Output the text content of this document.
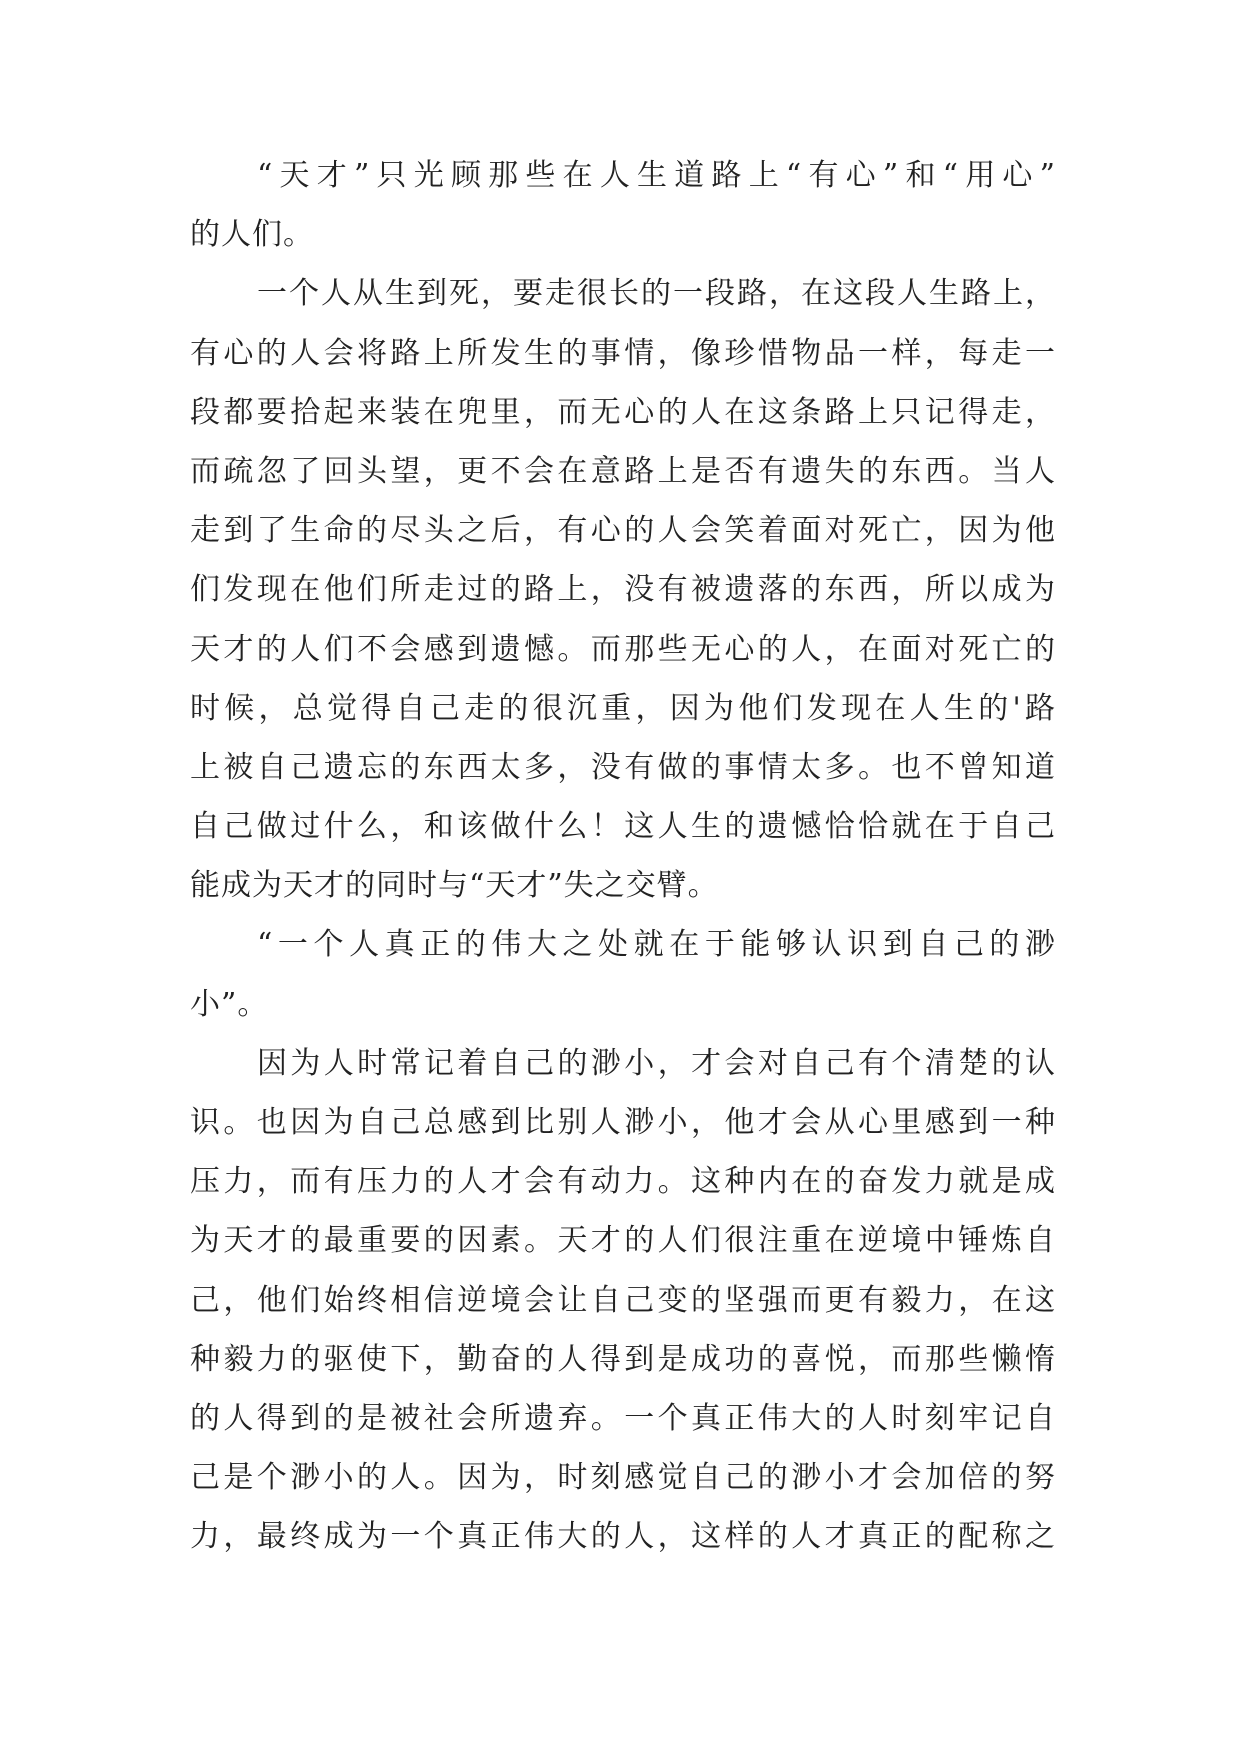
“天才”只光顾那些在人生道路上“有心”和“用心”
的人们。
一个人从生到死，要走很长的一段路，在这段人生路上，
有心的人会将路上所发生的事情，像珍惜物品一样，每走一
段都要拾起来装在兜里，而无心的人在这条路上只记得走，
而疏忽了回头望，更不会在意路上是否有遗失的东西。当人
走到了生命的尽头之后，有心的人会笑着面对死亡，因为他
们发现在他们所走过的路上，没有被遗落的东西，所以成为
天才的人们不会感到遗憾。而那些无心的人，在面对死亡的
时候，总觉得自己走的很沉重，因为他们发现在人生的'路
上被自己遗忘的东西太多，没有做的事情太多。也不曾知道
自己做过什么，和该做什么！这人生的遗憾恰恰就在于自己
能成为天才的同时与“天才”失之交臂。
“一个人真正的伟大之处就在于能够认识到自己的渺
小”。
因为人时常记着自己的渺小，才会对自己有个清楚的认
识。也因为自己总感到比别人渺小，他才会从心里感到一种
压力，而有压力的人才会有动力。这种内在的奋发力就是成
为天才的最重要的因素。天才的人们很注重在逆境中锤炼自
己，他们始终相信逆境会让自己变的坚强而更有毅力，在这
种毅力的驱使下，勤奋的人得到是成功的喜悦，而那些懒惰
的人得到的是被社会所遗弃。一个真正伟大的人时刻牢记自
己是个渺小的人。因为，时刻感觉自己的渺小才会加倍的努
力，最终成为一个真正伟大的人，这样的人才真正的配称之
